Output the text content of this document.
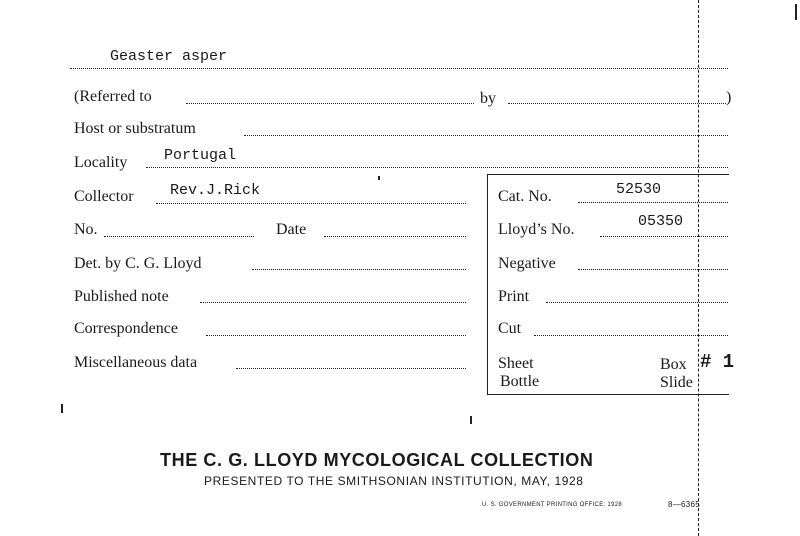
Geaster asper
(Referred to	by	)
Host or substratum
Locality Portugal
Collector Rev.J.Rick
No.	Date
Det. by C. G. Lloyd
Published note
Correspondence
Miscellaneous data
Cat. No.	52530
Lloyd’s No.	05350
Negative
Print
Cut
Sheet
Bottle
Box
Slide
# 1
THE C. G. LLOYD MYCOLOGICAL COLLECTION
PRESENTED TO THE SMITHSONIAN INSTITUTION, MAY, 1928
U. S. GOVERNMENT PRINTING OFFICE: 1928	8—6365
